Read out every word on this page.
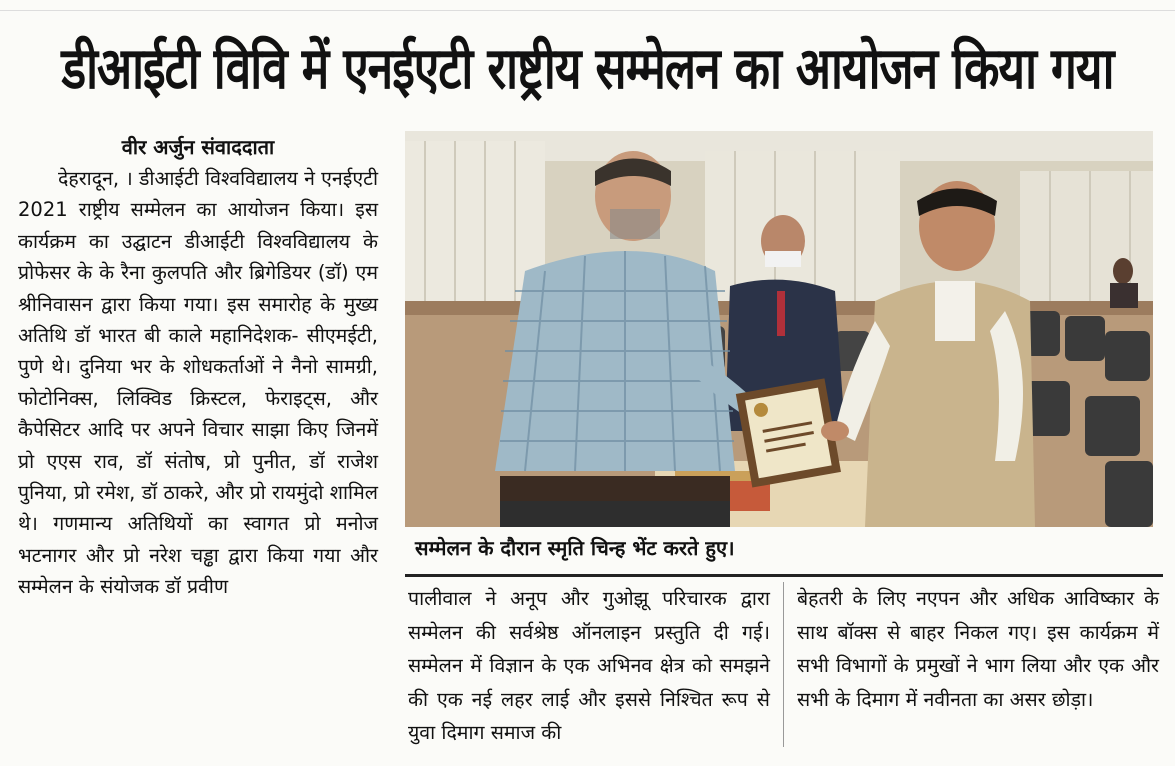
डीआईटी विवि में एनईएटी राष्ट्रीय सम्मेलन का आयोजन किया गया
वीर अर्जुन संवाददाता

देहरादून, । डीआईटी विश्वविद्यालय ने एनईएटी 2021 राष्ट्रीय सम्मेलन का आयोजन किया। इस कार्यक्रम का उद्घाटन डीआईटी विश्वविद्यालय के प्रोफेसर के के रैना कुलपति और ब्रिगेडियर (डॉ) एम श्रीनिवासन द्वारा किया गया। इस समारोह के मुख्य अतिथि डॉ भारत बी काले महानिदेशक- सीएमईटी, पुणे थे। दुनिया भर के शोधकर्ताओं ने नैनो सामग्री, फोटोनिक्स, लिक्विड क्रिस्टल, फेराइट्स, और कैपेसिटर आदि पर अपने विचार साझा किए जिनमें प्रो एएस राव, डॉ संतोष, प्रो पुनीत, डॉ राजेश पुनिया, प्रो रमेश, डॉ ठाकरे, और प्रो रायमुंदो शामिल थे। गणमान्य अतिथियों का स्वागत प्रो मनोज भटनागर और प्रो नरेश चड्ढा द्वारा किया गया और सम्मेलन के संयोजक डॉ प्रवीण

सम्मेलन के दौरान स्मृति चिन्ह भेंट करते हुए।
पालीवाल ने अनूप और गुओझू परिचारक द्वारा सम्मेलन की सर्वश्रेष्ठ ऑनलाइन प्रस्तुति दी गई। सम्मेलन में विज्ञान के एक अभिनव क्षेत्र को समझने की एक नई लहर लाई और इससे निश्चित रूप से युवा दिमाग समाज की
बेहतरी के लिए नएपन और अधिक आविष्कार के साथ बॉक्स से बाहर निकल गए। इस कार्यक्रम में सभी विभागों के प्रमुखों ने भाग लिया और एक और सभी के दिमाग में नवीनता का असर छोड़ा।
